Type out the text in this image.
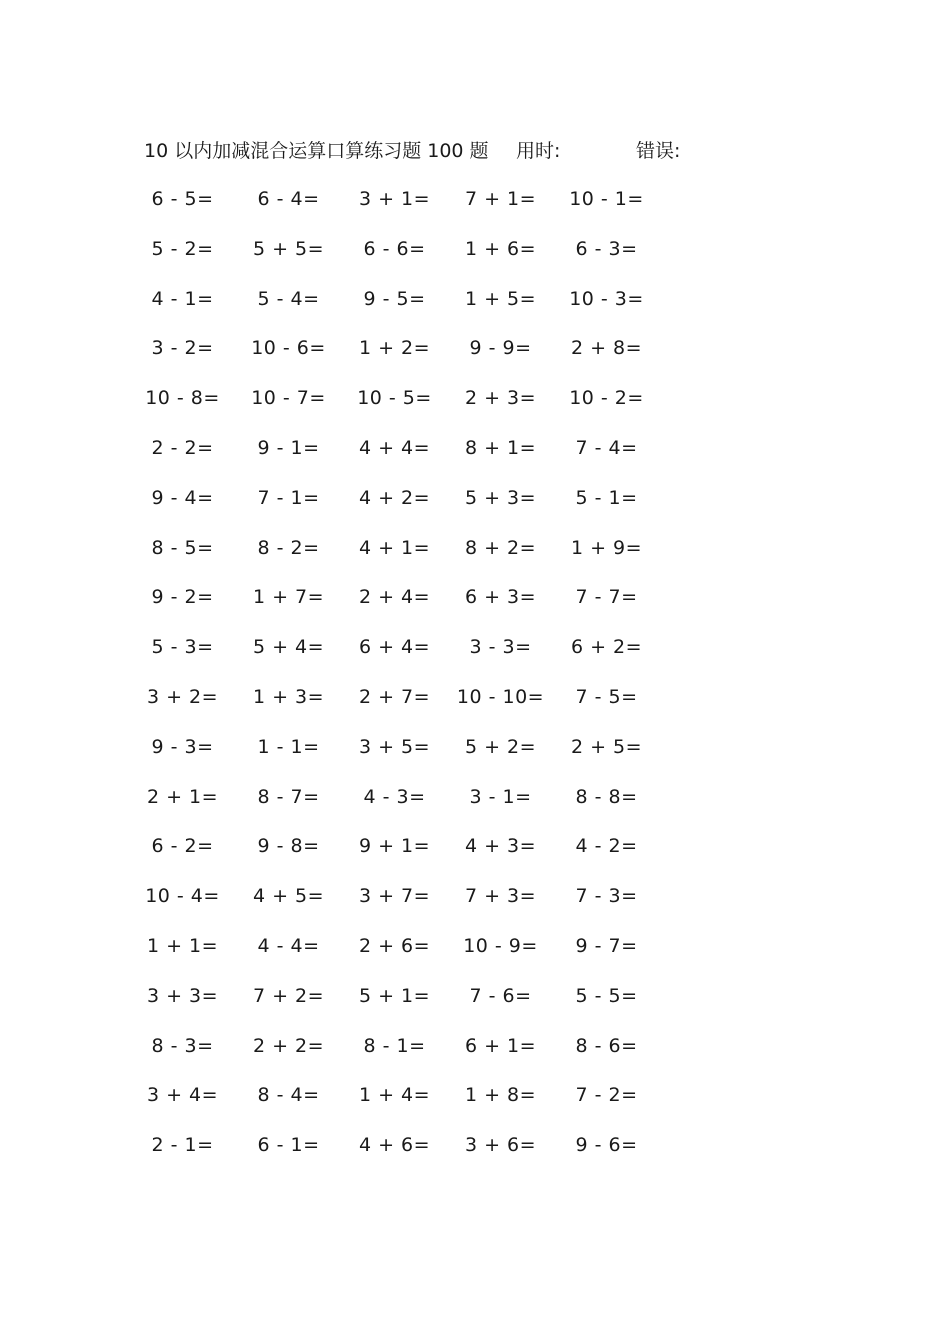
10 以内加减混合运算口算练习题 100 题 用时:	错误:
6 - 5=	6 - 4=	3 + 1=	7 + 1=	10 - 1=
5 - 2=	5 + 5=	6 - 6=	1 + 6=	6 - 3=
4 - 1=	5 - 4=	9 - 5=	1 + 5=	10 - 3=
3 - 2=	10 - 6=	1 + 2=	9 - 9=	2 + 8=
10 - 8=	10 - 7=	10 - 5=	2 + 3=	10 - 2=
2 - 2=	9 - 1=	4 + 4=	8 + 1=	7 - 4=
9 - 4=	7 - 1=	4 + 2=	5 + 3=	5 - 1=
8 - 5=	8 - 2=	4 + 1=	8 + 2=	1 + 9=
9 - 2=	1 + 7=	2 + 4=	6 + 3=	7 - 7=
5 - 3=	5 + 4=	6 + 4=	3 - 3=	6 + 2=
3 + 2=	1 + 3=	2 + 7=	10 - 10=	7 - 5=
9 - 3=	1 - 1=	3 + 5=	5 + 2=	2 + 5=
2 + 1=	8 - 7=	4 - 3=	3 - 1=	8 - 8=
6 - 2=	9 - 8=	9 + 1=	4 + 3=	4 - 2=
10 - 4=	4 + 5=	3 + 7=	7 + 3=	7 - 3=
1 + 1=	4 - 4=	2 + 6=	10 - 9=	9 - 7=
3 + 3=	7 + 2=	5 + 1=	7 - 6=	5 - 5=
8 - 3=	2 + 2=	8 - 1=	6 + 1=	8 - 6=
3 + 4=	8 - 4=	1 + 4=	1 + 8=	7 - 2=
2 - 1=	6 - 1=	4 + 6=	3 + 6=	9 - 6=
